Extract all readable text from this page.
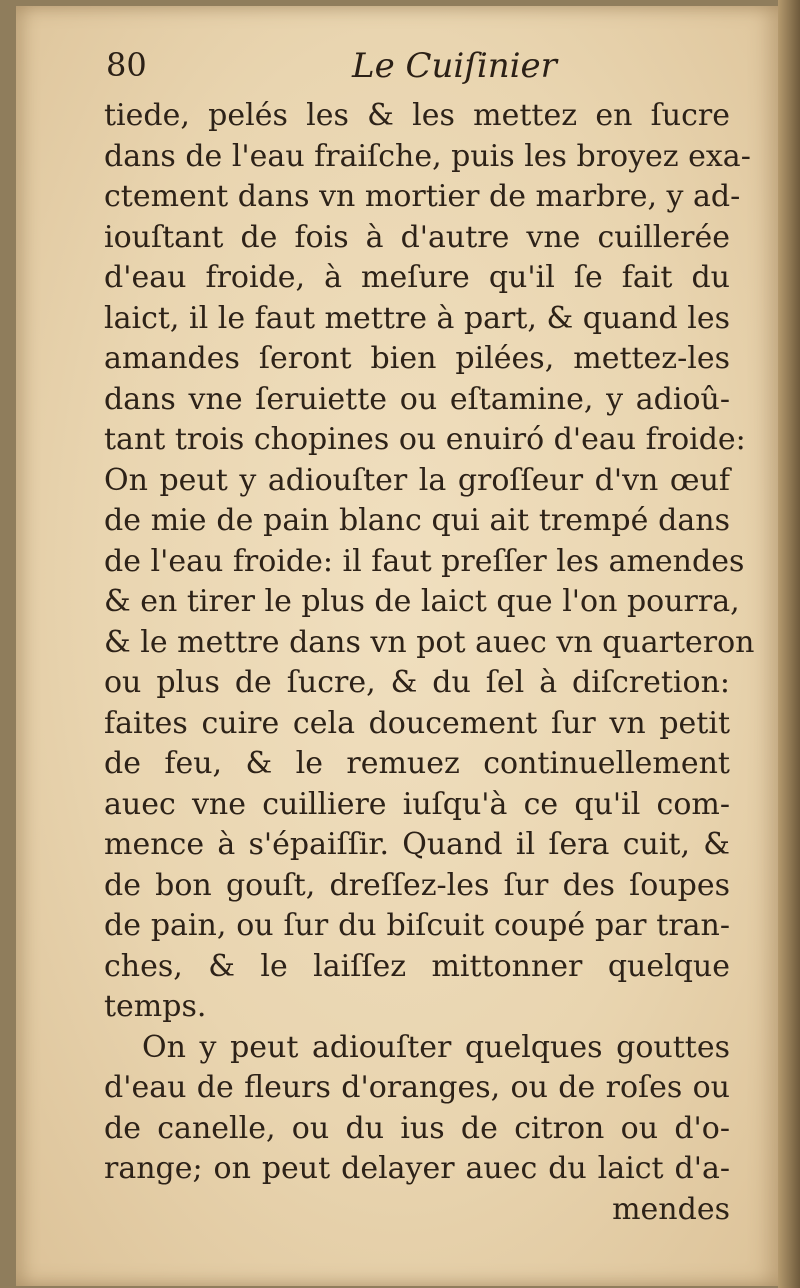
80	Le Cuiſinier
tiede, pelés les & les mettez en ſucre
dans de l'eau fraiſche, puis les broyez exa-
ctement dans vn mortier de marbre, y ad-
iouſtant de fois à d'autre vne cuillerée
d'eau froide, à meſure qu'il ſe fait du
laict, il le faut mettre à part, & quand les
amandes ſeront bien pilées, mettez-les
dans vne ſeruiette ou eſtamine, y adioû-
tant trois chopines ou enuiró d'eau froide:
On peut y adiouſter la groſſeur d'vn œuf
de mie de pain blanc qui ait trempé dans
de l'eau froide: il faut preſſer les amendes
& en tirer le plus de laict que l'on pourra,
& le mettre dans vn pot auec vn quarteron
ou plus de ſucre, & du ſel à diſcretion:
faites cuire cela doucement ſur vn petit
de feu, & le remuez continuellement
auec vne cuilliere iuſqu'à ce qu'il com-
mence à s'épaiſſir. Quand il ſera cuit, &
de bon gouſt, dreſſez-les ſur des ſoupes
de pain, ou ſur du biſcuit coupé par tran-
ches, & le laiſſez mittonner quelque
temps.
On y peut adiouſter quelques gouttes
d'eau de fleurs d'oranges, ou de roſes ou
de canelle, ou du ius de citron ou d'o-
range; on peut delayer auec du laict d'a-
mendes
